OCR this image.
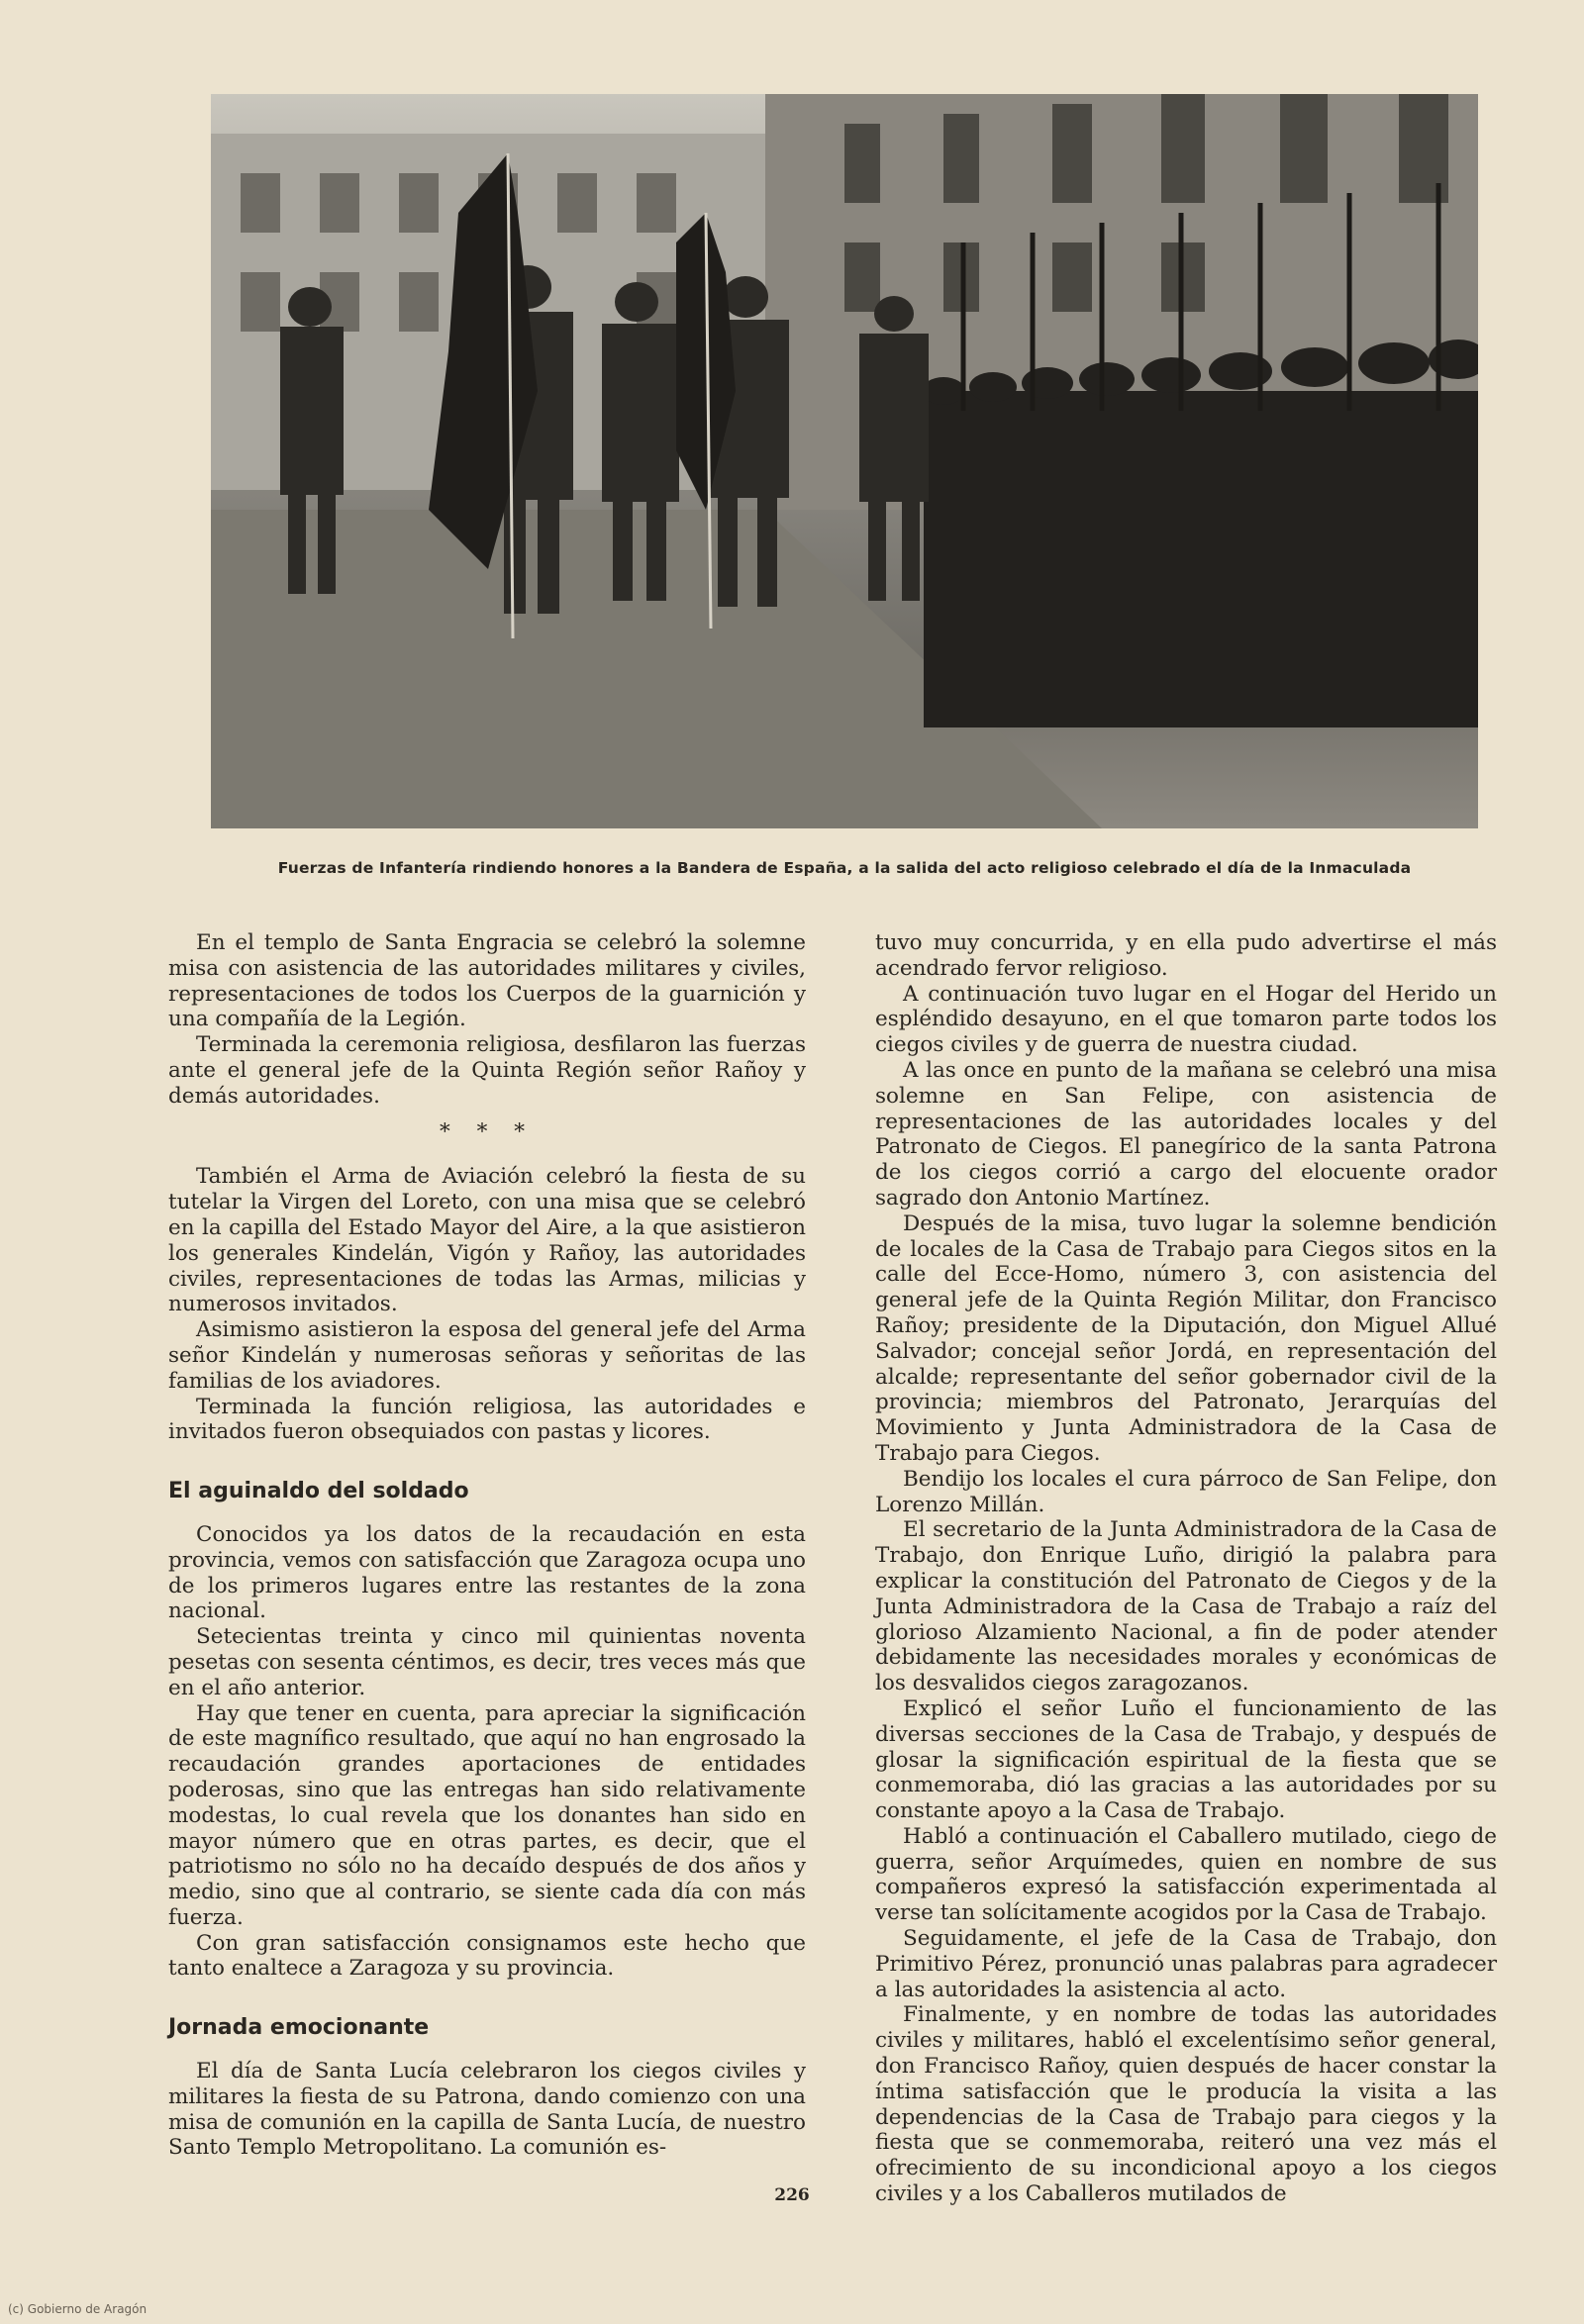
Fuerzas de Infantería rindiendo honores a la Bandera de España, a la salida del acto religioso celebrado el día de la Inmaculada

En el templo de Santa Engracia se celebró la solemne misa con asistencia de las autoridades militares y civiles, representaciones de todos los Cuerpos de la guarnición y una compañía de la Legión.

Terminada la ceremonia religiosa, desfilaron las fuerzas ante el general jefe de la Quinta Región señor Rañoy y demás autoridades.

* * *

También el Arma de Aviación celebró la fiesta de su tutelar la Virgen del Loreto, con una misa que se celebró en la capilla del Estado Mayor del Aire, a la que asistieron los generales Kindelán, Vigón y Rañoy, las autoridades civiles, representaciones de todas las Armas, milicias y numerosos invitados.

Asimismo asistieron la esposa del general jefe del Arma señor Kindelán y numerosas señoras y señoritas de las familias de los aviadores.

Terminada la función religiosa, las autoridades e invitados fueron obsequiados con pastas y licores.

El aguinaldo del soldado

Conocidos ya los datos de la recaudación en esta provincia, vemos con satisfacción que Zaragoza ocupa uno de los primeros lugares entre las restantes de la zona nacional.

Setecientas treinta y cinco mil quinientas noventa pesetas con sesenta céntimos, es decir, tres veces más que en el año anterior.

Hay que tener en cuenta, para apreciar la significación de este magnífico resultado, que aquí no han engrosado la recaudación grandes aportaciones de entidades poderosas, sino que las entregas han sido relativamente modestas, lo cual revela que los donantes han sido en mayor número que en otras partes, es decir, que el patriotismo no sólo no ha decaído después de dos años y medio, sino que al contrario, se siente cada día con más fuerza.

Con gran satisfacción consignamos este hecho que tanto enaltece a Zaragoza y su provincia.

Jornada emocionante

El día de Santa Lucía celebraron los ciegos civiles y militares la fiesta de su Patrona, dando comienzo con una misa de comunión en la capilla de Santa Lucía, de nuestro Santo Templo Metropolitano. La comunión es-

tuvo muy concurrida, y en ella pudo advertirse el más acendrado fervor religioso.

A continuación tuvo lugar en el Hogar del Herido un espléndido desayuno, en el que tomaron parte todos los ciegos civiles y de guerra de nuestra ciudad.

A las once en punto de la mañana se celebró una misa solemne en San Felipe, con asistencia de representaciones de las autoridades locales y del Patronato de Ciegos. El panegírico de la santa Patrona de los ciegos corrió a cargo del elocuente orador sagrado don Antonio Martínez.

Después de la misa, tuvo lugar la solemne bendición de locales de la Casa de Trabajo para Ciegos sitos en la calle del Ecce-Homo, número 3, con asistencia del general jefe de la Quinta Región Militar, don Francisco Rañoy; presidente de la Diputación, don Miguel Allué Salvador; concejal señor Jordá, en representación del alcalde; representante del señor gobernador civil de la provincia; miembros del Patronato, Jerarquías del Movimiento y Junta Administradora de la Casa de Trabajo para Ciegos.

Bendijo los locales el cura párroco de San Felipe, don Lorenzo Millán.

El secretario de la Junta Administradora de la Casa de Trabajo, don Enrique Luño, dirigió la palabra para explicar la constitución del Patronato de Ciegos y de la Junta Administradora de la Casa de Trabajo a raíz del glorioso Alzamiento Nacional, a fin de poder atender debidamente las necesidades morales y económicas de los desvalidos ciegos zaragozanos.

Explicó el señor Luño el funcionamiento de las diversas secciones de la Casa de Trabajo, y después de glosar la significación espiritual de la fiesta que se conmemoraba, dió las gracias a las autoridades por su constante apoyo a la Casa de Trabajo.

Habló a continuación el Caballero mutilado, ciego de guerra, señor Arquímedes, quien en nombre de sus compañeros expresó la satisfacción experimentada al verse tan solícitamente acogidos por la Casa de Trabajo.

Seguidamente, el jefe de la Casa de Trabajo, don Primitivo Pérez, pronunció unas palabras para agradecer a las autoridades la asistencia al acto.

Finalmente, y en nombre de todas las autoridades civiles y militares, habló el excelentísimo señor general, don Francisco Rañoy, quien después de hacer constar la íntima satisfacción que le producía la visita a las dependencias de la Casa de Trabajo para ciegos y la fiesta que se conmemoraba, reiteró una vez más el ofrecimiento de su incondicional apoyo a los ciegos civiles y a los Caballeros mutilados de

226
(c) Gobierno de Aragón
